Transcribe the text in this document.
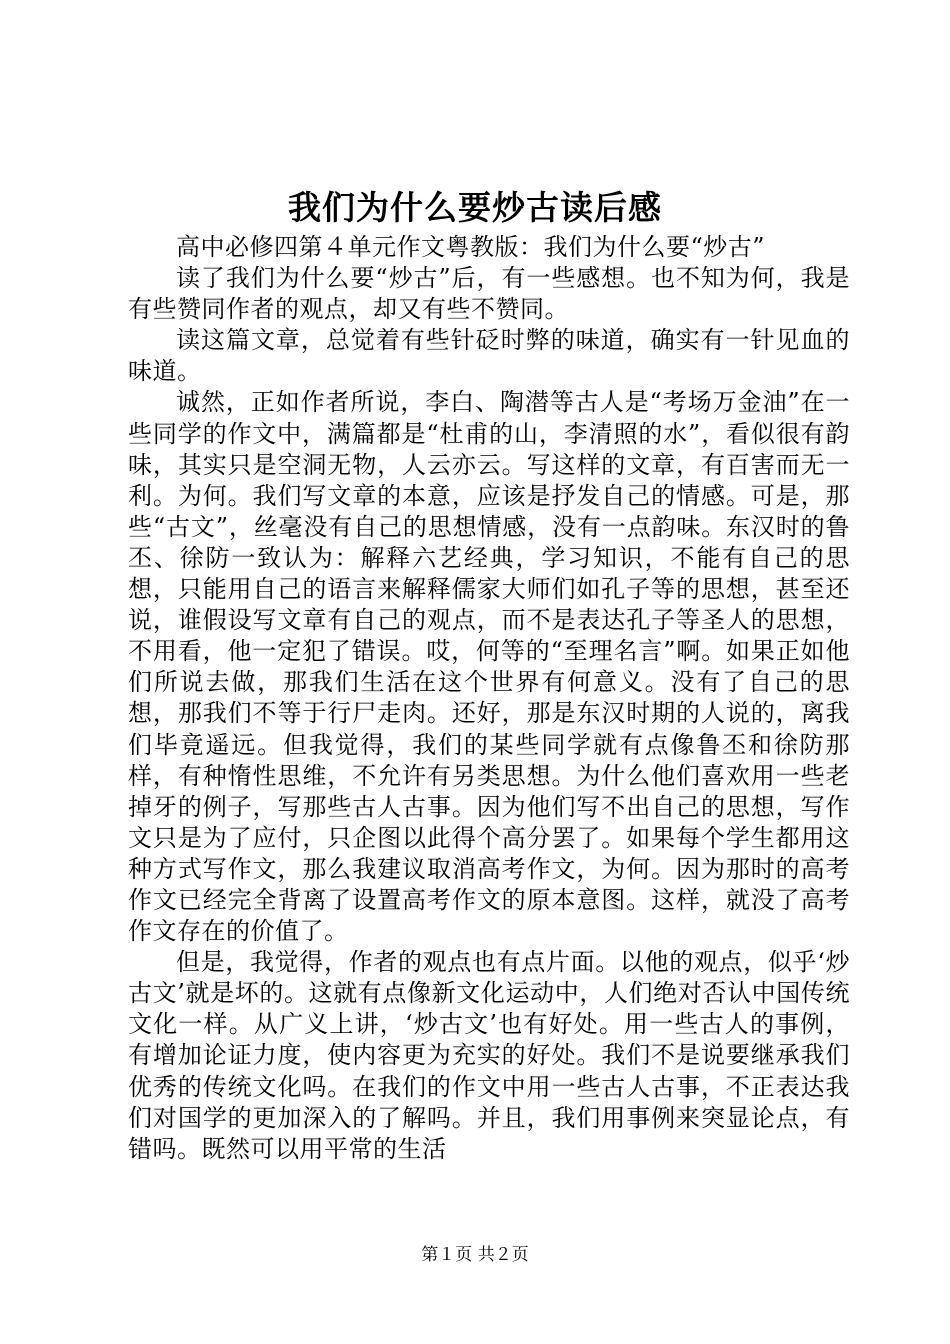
我们为什么要炒古读后感

高中必修四第４单元作文粤教版：我们为什么要“炒古”

读了我们为什么要“炒古”后，有一些感想。也不知为何，我是有些赞同作者的观点，却又有些不赞同。

读这篇文章，总觉着有些针砭时弊的味道，确实有一针见血的味道。

诚然，正如作者所说，李白、陶潜等古人是“考场万金油”在一些同学的作文中，满篇都是“杜甫的山，李清照的水”，看似很有韵味，其实只是空洞无物，人云亦云。写这样的文章，有百害而无一利。为何。我们写文章的本意，应该是抒发自己的情感。可是，那些“古文”，丝毫没有自己的思想情感，没有一点韵味。东汉时的鲁丕、徐防一致认为：解释六艺经典，学习知识，不能有自己的思想，只能用自己的语言来解释儒家大师们如孔子等的思想，甚至还说，谁假设写文章有自己的观点，而不是表达孔子等圣人的思想，不用看，他一定犯了错误。哎，何等的“至理名言”啊。如果正如他们所说去做，那我们生活在这个世界有何意义。没有了自己的思想，那我们不等于行尸走肉。还好，那是东汉时期的人说的，离我们毕竟遥远。但我觉得，我们的某些同学就有点像鲁丕和徐防那样，有种惰性思维，不允许有另类思想。为什么他们喜欢用一些老掉牙的例子，写那些古人古事。因为他们写不出自己的思想，写作文只是为了应付，只企图以此得个高分罢了。如果每个学生都用这种方式写作文，那么我建议取消高考作文，为何。因为那时的高考作文已经完全背离了设置高考作文的原本意图。这样，就没了高考作文存在的价值了。

但是，我觉得，作者的观点也有点片面。以他的观点，似乎‘炒古文’就是坏的。这就有点像新文化运动中，人们绝对否认中国传统文化一样。从广义上讲，‘炒古文’也有好处。用一些古人的事例，有增加论证力度，使内容更为充实的好处。我们不是说要继承我们优秀的传统文化吗。在我们的作文中用一些古人古事，不正表达我们对国学的更加深入的了解吗。并且，我们用事例来突显论点，有错吗。既然可以用平常的生活

第１页 共２页
